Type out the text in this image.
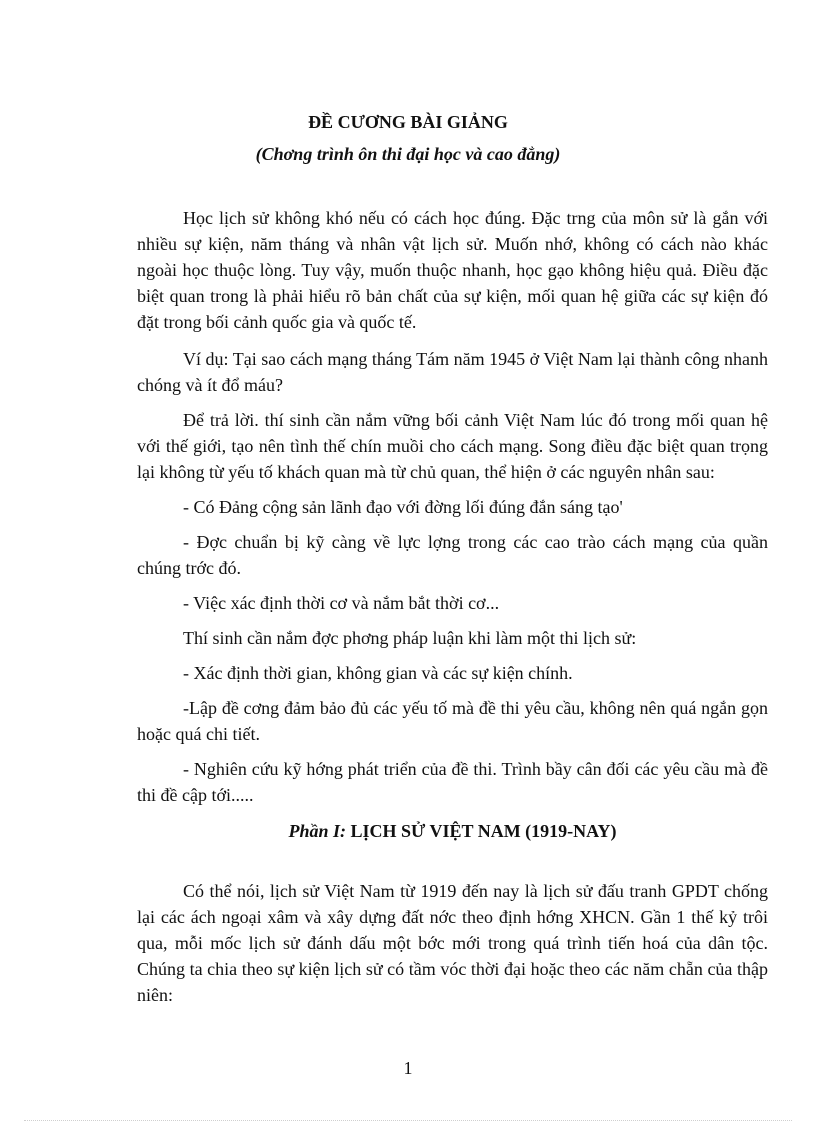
ĐỀ CƯƠNG BÀI GIẢNG
(Chơng trình ôn thi đại học và cao đẳng)

Học lịch sử không khó nếu có cách học đúng. Đặc trng của môn sử là gắn với nhiều sự kiện, năm tháng và nhân vật lịch sử. Muốn nhớ, không có cách nào khác ngoài học thuộc lòng. Tuy vậy, muốn thuộc nhanh, học gạo không hiệu quả. Điều đặc biệt quan trong là phải hiểu rõ bản chất của sự kiện, mối quan hệ giữa các sự kiện đó đặt trong bối cảnh quốc gia và quốc tế.

Ví dụ: Tại sao cách mạng tháng Tám năm 1945 ở Việt Nam lại thành công nhanh chóng và ít đổ máu?

Để trả lời. thí sinh cần nắm vững bối cảnh Việt Nam lúc đó trong mối quan hệ với thế giới, tạo nên tình thế chín muồi cho cách mạng. Song điều đặc biệt quan trọng lại không từ yếu tố khách quan mà từ chủ quan, thể hiện ở các nguyên nhân sau:

- Có Đảng cộng sản lãnh đạo với đờng lối đúng đắn sáng tạo'

- Đợc chuẩn bị kỹ càng về lực lợng trong các cao trào cách mạng của quần chúng trớc đó.

- Việc xác định thời cơ và nắm bắt thời cơ...

Thí sinh cần nắm đợc phơng pháp luận khi làm một thi lịch sử:

- Xác định thời gian, không gian và các sự kiện chính.

-Lập đề cơng đảm bảo đủ các yếu tố mà đề thi yêu cầu, không nên quá ngắn gọn hoặc quá chi tiết.

- Nghiên cứu kỹ hớng phát triển của đề thi. Trình bầy cân đối các yêu cầu mà đề thi đề cập tới.....

Phần I: LỊCH SỬ VIỆT NAM (1919-NAY)

Có thể nói, lịch sử Việt Nam từ 1919 đến nay là lịch sử đấu tranh GPDT chống lại các ách ngoại xâm và xây dựng đất nớc theo định hớng XHCN. Gần 1 thế kỷ trôi qua, mỗi mốc lịch sử đánh dấu một bớc mới trong quá trình tiến hoá của dân tộc. Chúng ta chia theo sự kiện lịch sử có tầm vóc thời đại hoặc theo các năm chẵn của thập niên:

1
